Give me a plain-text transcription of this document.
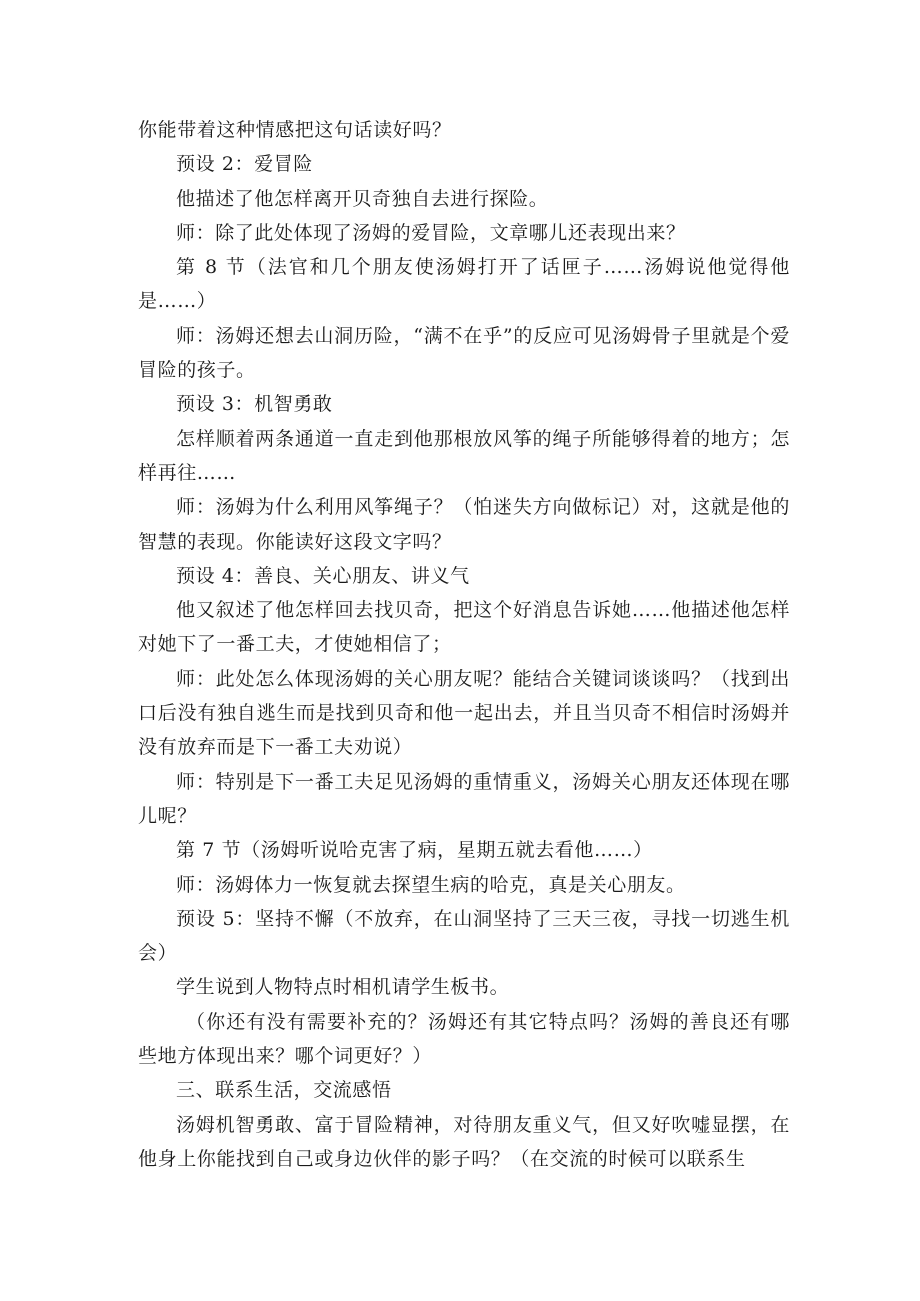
你能带着这种情感把这句话读好吗？

预设 2：爱冒险

他描述了他怎样离开贝奇独自去进行探险。

师：除了此处体现了汤姆的爱冒险，文章哪儿还表现出来？

第 8 节（法官和几个朋友使汤姆打开了话匣子……汤姆说他觉得他是……）

师：汤姆还想去山洞历险，“满不在乎”的反应可见汤姆骨子里就是个爱冒险的孩子。

预设 3：机智勇敢

怎样顺着两条通道一直走到他那根放风筝的绳子所能够得着的地方；怎样再往……

师：汤姆为什么利用风筝绳子？（怕迷失方向做标记）对，这就是他的智慧的表现。你能读好这段文字吗？

预设 4：善良、关心朋友、讲义气

他又叙述了他怎样回去找贝奇，把这个好消息告诉她……他描述他怎样对她下了一番工夫，才使她相信了；

师：此处怎么体现汤姆的关心朋友呢？能结合关键词谈谈吗？（找到出口后没有独自逃生而是找到贝奇和他一起出去，并且当贝奇不相信时汤姆并没有放弃而是下一番工夫劝说）

师：特别是下一番工夫足见汤姆的重情重义，汤姆关心朋友还体现在哪儿呢？

第 7 节（汤姆听说哈克害了病，星期五就去看他……）

师：汤姆体力一恢复就去探望生病的哈克，真是关心朋友。

预设 5：坚持不懈（不放弃，在山洞坚持了三天三夜，寻找一切逃生机会）

学生说到人物特点时相机请学生板书。

（你还有没有需要补充的？汤姆还有其它特点吗？汤姆的善良还有哪些地方体现出来？哪个词更好？）

三、联系生活，交流感悟

汤姆机智勇敢、富于冒险精神，对待朋友重义气，但又好吹嘘显摆，在他身上你能找到自己或身边伙伴的影子吗？（在交流的时候可以联系生
